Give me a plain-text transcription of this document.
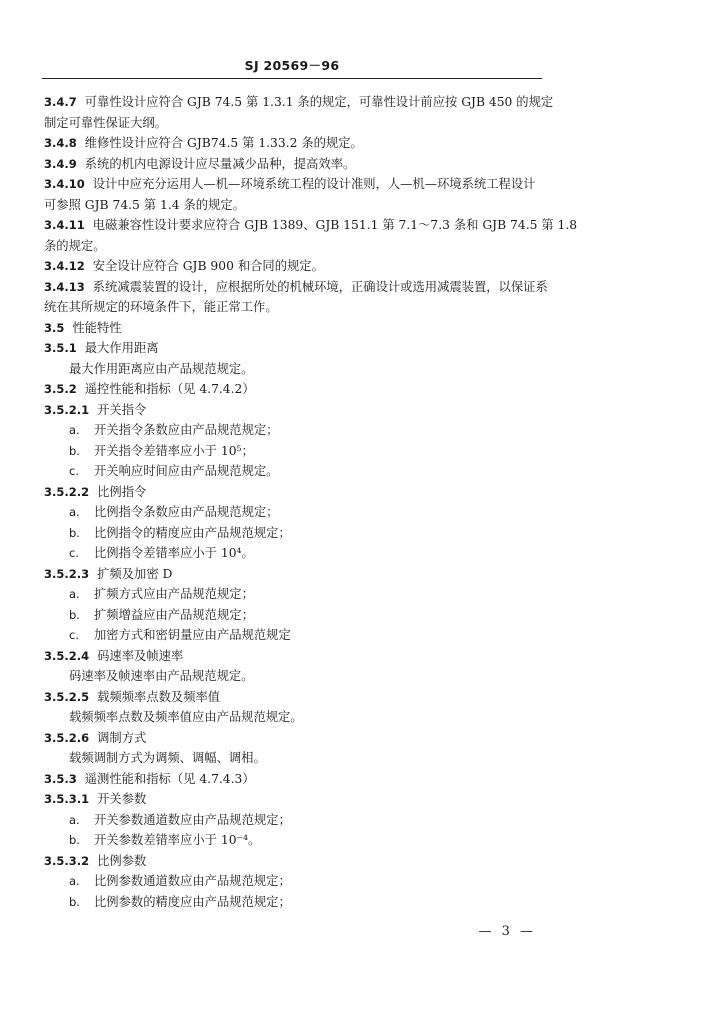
SJ 20569－96
3.4.7 可靠性设计应符合 GJB 74.5 第 1.3.1 条的规定，可靠性设计前应按 GJB 450 的规定
制定可靠性保证大纲。
3.4.8 维修性设计应符合 GJB74.5 第 1.33.2 条的规定。
3.4.9 系统的机内电源设计应尽量减少品种，提高效率。
3.4.10 设计中应充分运用人—机—环境系统工程的设计准则，人—机—环境系统工程设计
可参照 GJB 74.5 第 1.4 条的规定。
3.4.11 电磁兼容性设计要求应符合 GJB 1389、GJB 151.1 第 7.1～7.3 条和 GJB 74.5 第 1.8
条的规定。
3.4.12 安全设计应符合 GJB 900 和合同的规定。
3.4.13 系统减震装置的设计，应根据所处的机械环境，正确设计或选用减震装置，以保证系
统在其所规定的环境条件下，能正常工作。
3.5 性能特性
3.5.1 最大作用距离
最大作用距离应由产品规范规定。
3.5.2 遥控性能和指标（见 4.7.4.2）
3.5.2.1 开关指令
a. 开关指令条数应由产品规范规定；
b. 开关指令差错率应小于 10⁵；
c. 开关响应时间应由产品规范规定。
3.5.2.2 比例指令
a. 比例指令条数应由产品规范规定；
b. 比例指令的精度应由产品规范规定；
c. 比例指令差错率应小于 10⁴。
3.5.2.3 扩频及加密 D
a. 扩频方式应由产品规范规定；
b. 扩频增益应由产品规范规定；
c. 加密方式和密钥量应由产品规范规定
3.5.2.4 码速率及帧速率
码速率及帧速率由产品规范规定。
3.5.2.5 载频频率点数及频率值
载频频率点数及频率值应由产品规范规定。
3.5.2.6 调制方式
载频调制方式为调频、调幅、调相。
3.5.3 遥测性能和指标（见 4.7.4.3）
3.5.3.1 开关参数
a. 开关参数通道数应由产品规范规定；
b. 开关参数差错率应小于 10⁻⁴。
3.5.3.2 比例参数
a. 比例参数通道数应由产品规范规定；
b. 比例参数的精度应由产品规范规定；
— 3 —
